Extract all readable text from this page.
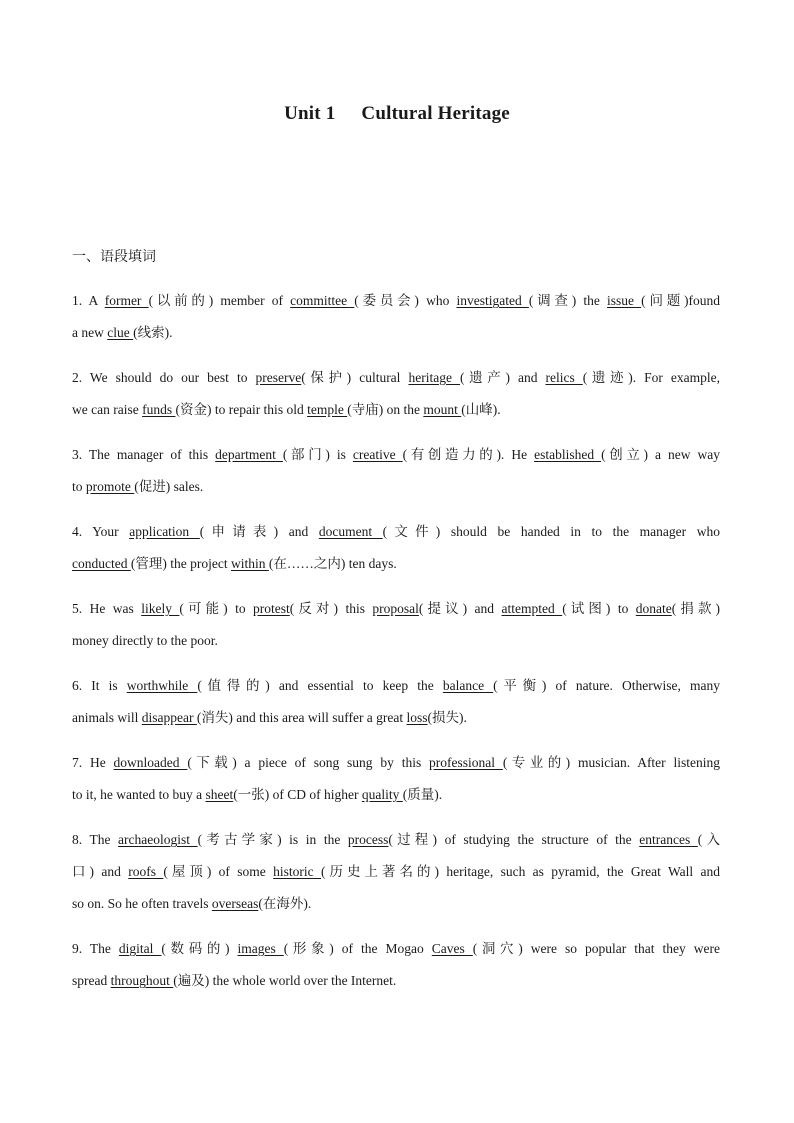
Unit 1 Cultural Heritage
一、语段填词
1. A former (以前的) member of committee (委员会) who investigated (调查) the issue (问题)found
a new clue (线索).
2. We should do our best to preserve(保护) cultural heritage (遗产) and relics (遗迹). For example,
we can raise funds (资金) to repair this old temple (寺庙) on the mount (山峰).
3. The manager of this department (部门) is creative (有创造力的). He established (创立) a new way
to promote (促进) sales.
4. Your application (申请表) and document (文件) should be handed in to the manager who
conducted (管理) the project within (在……之内) ten days.
5. He was likely (可能) to protest(反对) this proposal(提议) and attempted (试图) to donate(捐款)
money directly to the poor.
6. It is worthwhile (值得的) and essential to keep the balance (平衡) of nature. Otherwise, many
animals will disappear (消失) and this area will suffer a great loss(损失).
7. He downloaded (下载) a piece of song sung by this professional (专业的) musician. After listening
to it, he wanted to buy a sheet(一张) of CD of higher quality (质量).
8. The archaeologist (考古学家) is in the process(过程) of studying the structure of the entrances (入
口) and roofs (屋顶) of some historic (历史上著名的) heritage, such as pyramid, the Great Wall and
so on. So he often travels overseas(在海外).
9. The digital (数码的) images (形象) of the Mogao Caves (洞穴) were so popular that they were
spread throughout (遍及) the whole world over the Internet.
